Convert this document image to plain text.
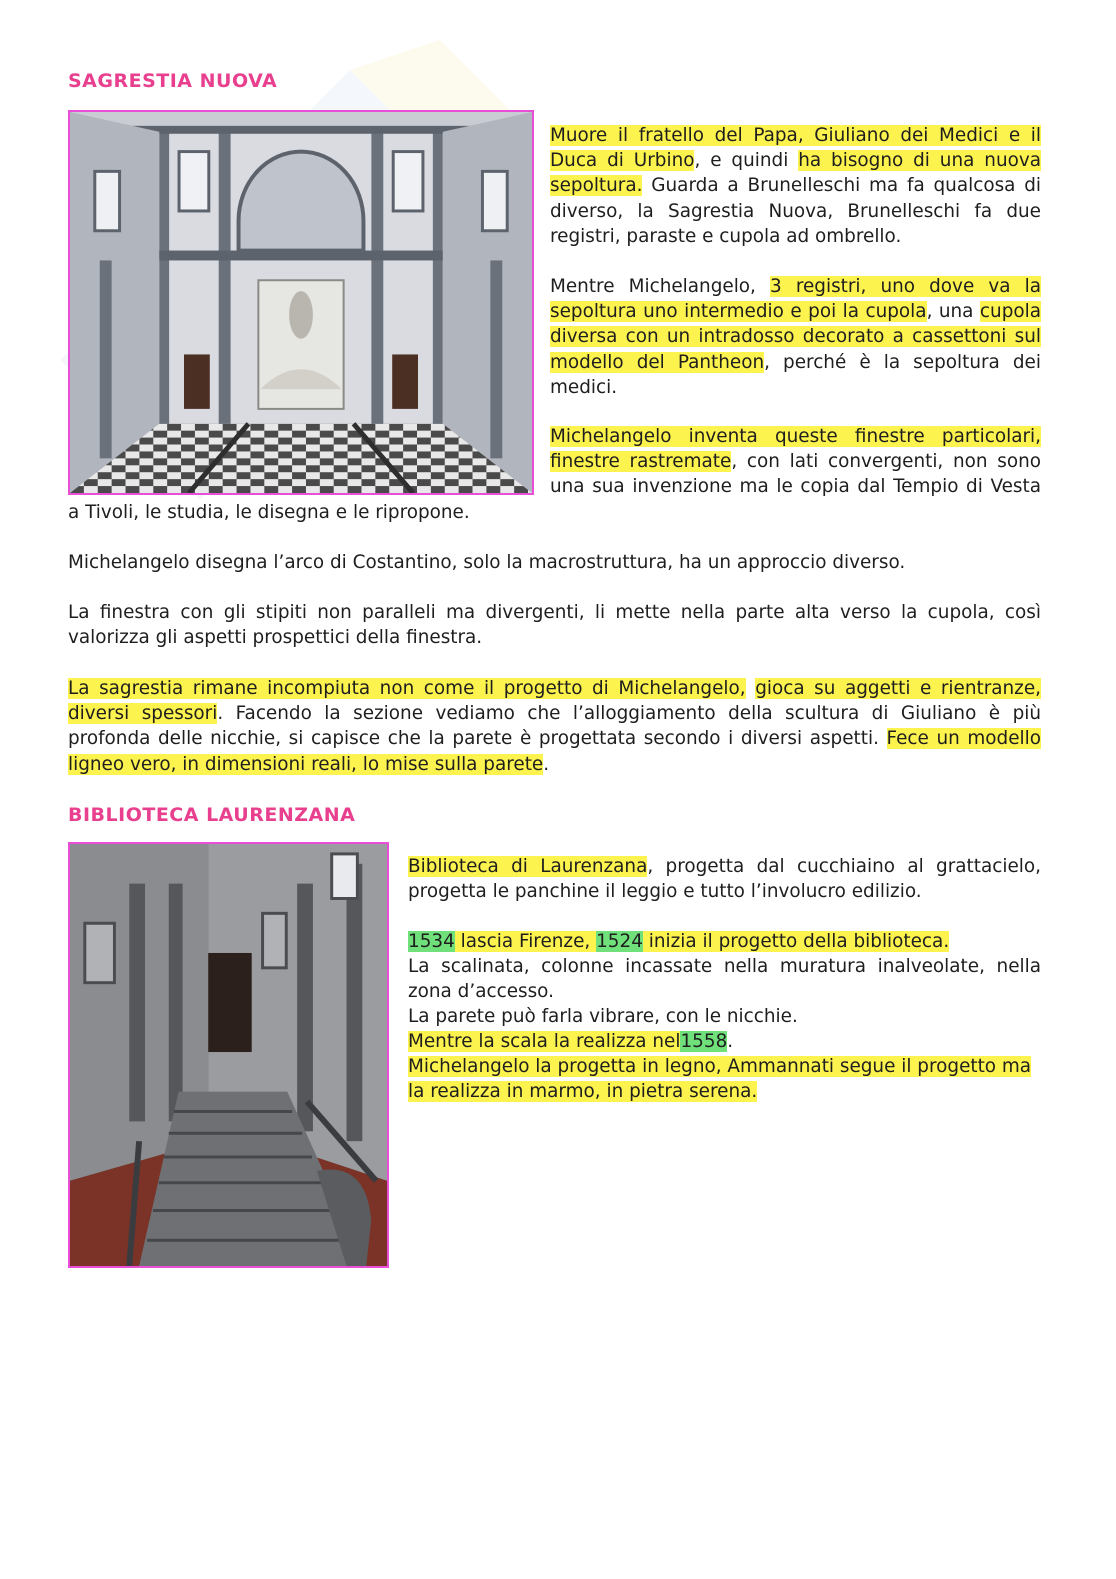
SAGRESTIA NUOVA

Muore il fratello del Papa, Giuliano dei Medici e il Duca di Urbino, e quindi ha bisogno di una nuova sepoltura. Guarda a Brunelleschi ma fa qualcosa di diverso, la Sagrestia Nuova, Brunelleschi fa due registri, paraste e cupola ad ombrello.

Mentre Michelangelo, 3 registri, uno dove va la sepoltura uno intermedio e poi la cupola, una cupola diversa con un intradosso decorato a cassettoni sul modello del Pantheon, perché è la sepoltura dei medici.

Michelangelo inventa queste finestre particolari, finestre rastremate, con lati convergenti, non sono una sua invenzione ma le copia dal Tempio di Vesta a Tivoli, le studia, le disegna e le ripropone.

Michelangelo disegna l’arco di Costantino, solo la macrostruttura, ha un approccio diverso.

La finestra con gli stipiti non paralleli ma divergenti, li mette nella parte alta verso la cupola, così valorizza gli aspetti prospettici della finestra.

La sagrestia rimane incompiuta non come il progetto di Michelangelo, gioca su aggetti e rientranze, diversi spessori. Facendo la sezione vediamo che l’alloggiamento della scultura di Giuliano è più profonda delle nicchie, si capisce che la parete è progettata secondo i diversi aspetti. Fece un modello ligneo vero, in dimensioni reali, lo mise sulla parete.

BIBLIOTECA LAURENZANA

Biblioteca di Laurenzana, progetta dal cucchiaino al grattacielo, progetta le panchine il leggio e tutto l’involucro edilizio.

1534 lascia Firenze, 1524 inizia il progetto della biblioteca.

La scalinata, colonne incassate nella muratura inalveolate, nella zona d’accesso.

La parete può farla vibrare, con le nicchie.

Mentre la scala la realizza nel1558.

Michelangelo la progetta in legno, Ammannati segue il progetto ma la realizza in marmo, in pietra serena.
